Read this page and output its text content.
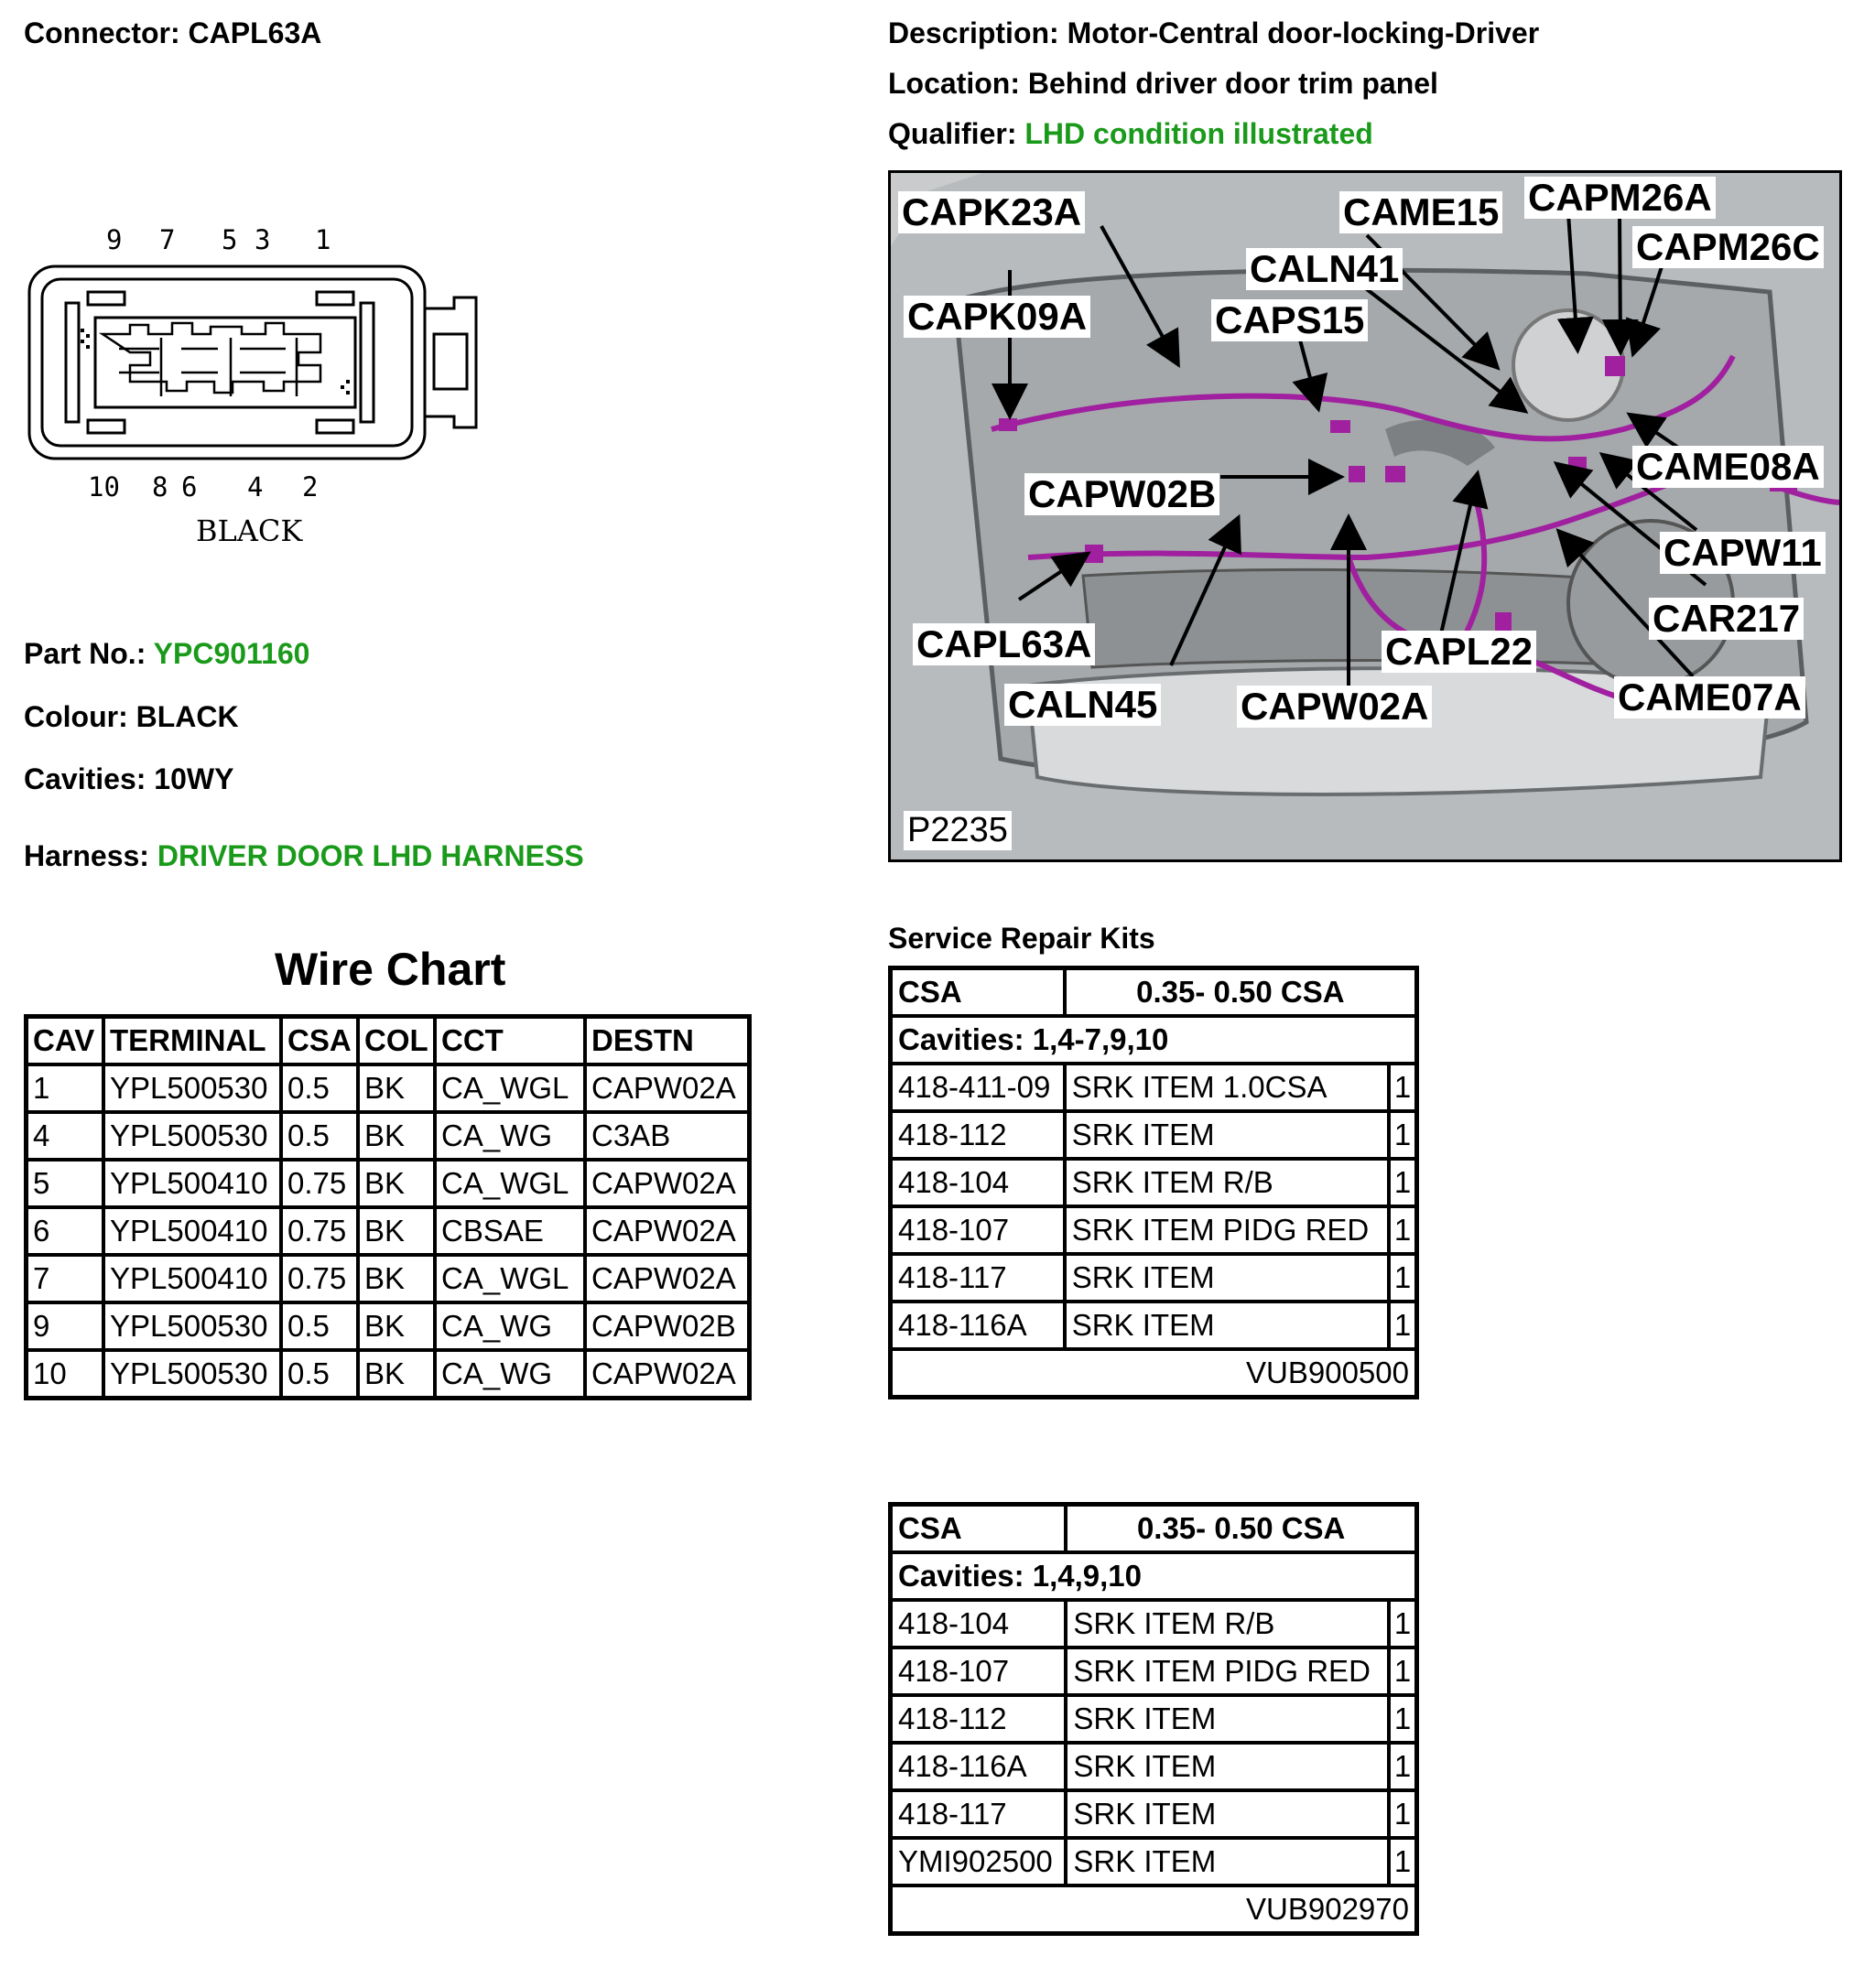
Connector: CAPL63A	Description: Motor-Central door-locking-Driver
Location: Behind driver door trim panel
Qualifier: LHD condition illustrated
9 7 5 3 1
10 8 6 4 2
BLACK
Part No.: YPC901160
Colour: BLACK
Cavities: 10WY
Harness: DRIVER DOOR LHD HARNESS
Wire Chart
CAV	TERMINAL	CSA	COL	CCT	DESTN
1	YPL500530	0.5	BK	CA_WGL	CAPW02A
4	YPL500530	0.5	BK	CA_WG	C3AB
5	YPL500410	0.75	BK	CA_WGL	CAPW02A
6	YPL500410	0.75	BK	CBSAE	CAPW02A
7	YPL500410	0.75	BK	CA_WGL	CAPW02A
9	YPL500530	0.5	BK	CA_WG	CAPW02B
10	YPL500530	0.5	BK	CA_WG	CAPW02A
CAPK23A	CAME15 CAPM26A
CAPM26C
CALN41
CAPK09A	CAPS15
CAME08A
CAPW02B
CAPW11
CAR217
CAPL63A	CAPL22
CAME07A
CALN45 CAPW02A
P2235
Service Repair Kits
CSA	0.35- 0.50 CSA	
Cavities: 1,4-7,9,10		
418-411-09	SRK ITEM 1.0CSA	1
418-112	SRK ITEM	1
418-104	SRK ITEM R/B	1
418-107	SRK ITEM PIDG RED	1
418-117	SRK ITEM	1
418-116A	SRK ITEM	1
VUB900500		
CSA	0.35- 0.50 CSA	
Cavities: 1,4,9,10		
418-104	SRK ITEM R/B	1
418-107	SRK ITEM PIDG RED	1
418-112	SRK ITEM	1
418-116A	SRK ITEM	1
418-117	SRK ITEM	1
YMI902500	SRK ITEM	1
VUB902970		
